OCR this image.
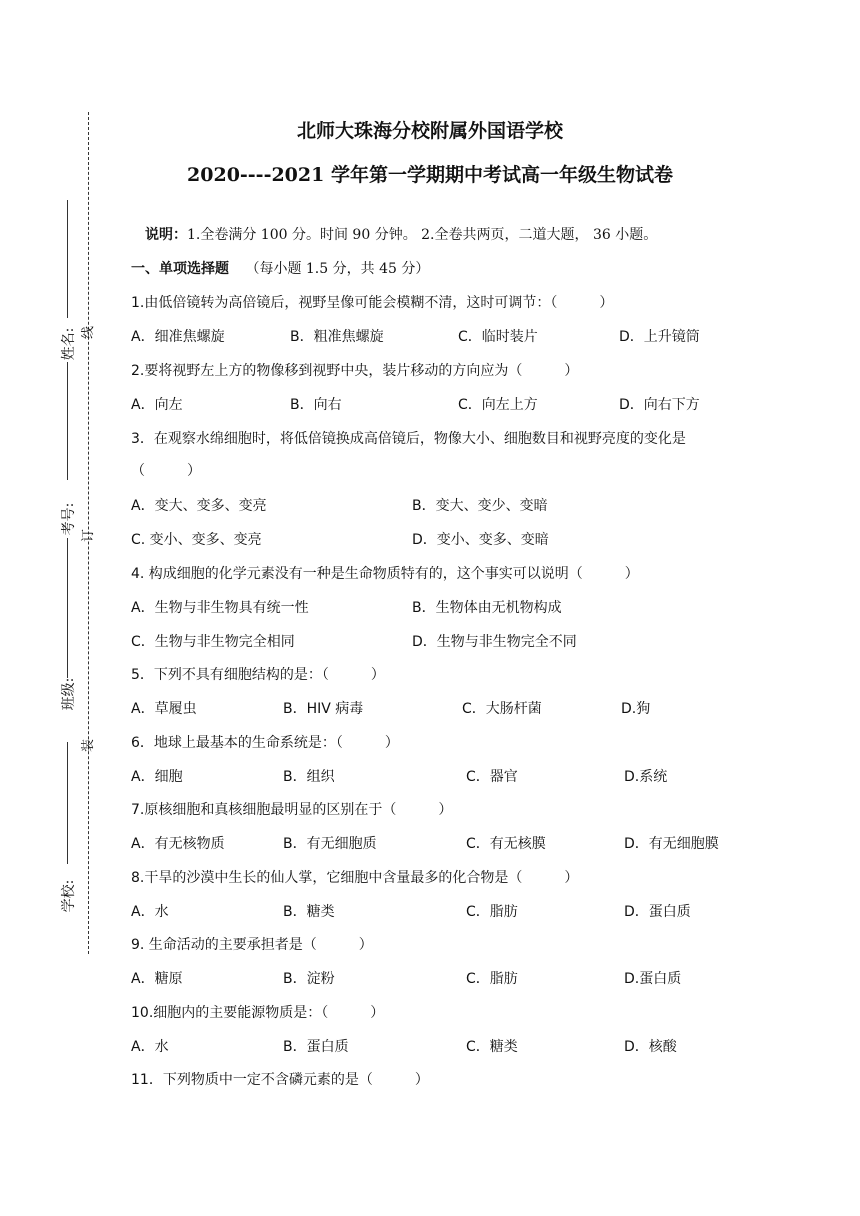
姓名:
考号:
班级:
学校:
线
订
装
北师大珠海分校附属外国语学校
2020----2021 学年第一学期期中考试高一年级生物试卷
说明：1.全卷满分 100 分。时间 90 分钟。 2.全卷共两页，二道大题， 36 小题。
一、单项选择题 （每小题 1.5 分，共 45 分）
1.由低倍镜转为高倍镜后，视野呈像可能会模糊不清，这时可调节：（　　　）
A．细准焦螺旋	B．粗准焦螺旋	C．临时装片	D．上升镜筒
2.要将视野左上方的物像移到视野中央，装片移动的方向应为（　　　）
A．向左	B．向右	C．向左上方	D．向右下方
3．在观察水绵细胞时，将低倍镜换成高倍镜后，物像大小、细胞数目和视野亮度的变化是
（　　　）
A．变大、变多、变亮	B．变大、变少、变暗
C. 变小、变多、变亮	D．变小、变多、变暗
4. 构成细胞的化学元素没有一种是生命物质特有的，这个事实可以说明（　　　）
A．生物与非生物具有统一性	B．生物体由无机物构成
C．生物与非生物完全相同	D．生物与非生物完全不同
5．下列不具有细胞结构的是：（　　　）
A．草履虫	B．HIV 病毒	C．大肠杆菌	D.狗
6．地球上最基本的生命系统是：（　　　）
A．细胞	B．组织	C．器官	D.系统
7.原核细胞和真核细胞最明显的区别在于（　　　）
A．有无核物质	B．有无细胞质	C．有无核膜	D．有无细胞膜
8.干旱的沙漠中生长的仙人掌，它细胞中含量最多的化合物是（　　　）
A．水	B．糖类	C．脂肪	D．蛋白质
9. 生命活动的主要承担者是（　　　）
A．糖原	B．淀粉	C．脂肪	D.蛋白质
10.细胞内的主要能源物质是：（　　　）
A．水	B．蛋白质	C．糖类	D．核酸
11．下列物质中一定不含磷元素的是（　　　）
